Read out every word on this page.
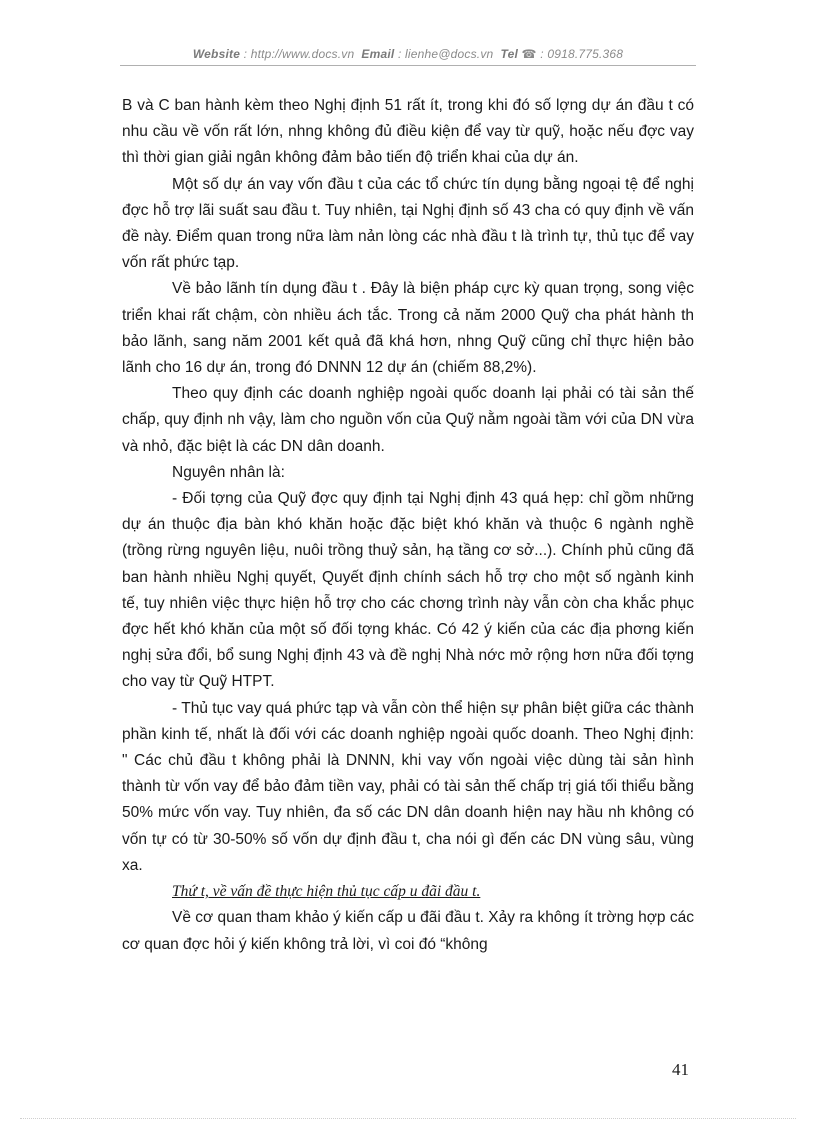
Website : http://www.docs.vn Email : lienhe@docs.vn Tel ☎ : 0918.775.368

B và C ban hành kèm theo Nghị định 51 rất ít, trong khi đó số lợng dự án đầu t có nhu cầu về vốn rất lớn, nhng không đủ điều kiện để vay từ quỹ, hoặc nếu đợc vay thì thời gian giải ngân không đảm bảo tiến độ triển khai của dự án.

Một số dự án vay vốn đầu t của các tổ chức tín dụng bằng ngoại tệ để nghị đợc hỗ trợ lãi suất sau đầu t. Tuy nhiên, tại Nghị định số 43 cha có quy định về vấn đề này. Điểm quan trong nữa làm nản lòng các nhà đầu t là trình tự, thủ tục để vay vốn rất phức tạp.

Về bảo lãnh tín dụng đầu t . Đây là biện pháp cực kỳ quan trọng, song việc triển khai rất chậm, còn nhiều ách tắc. Trong cả năm 2000 Quỹ cha phát hành th bảo lãnh, sang năm 2001 kết quả đã khá hơn, nhng Quỹ cũng chỉ thực hiện bảo lãnh cho 16 dự án, trong đó DNNN 12 dự án (chiếm 88,2%).

Theo quy định các doanh nghiệp ngoài quốc doanh lại phải có tài sản thế chấp, quy định nh vậy, làm cho nguồn vốn của Quỹ nằm ngoài tầm với của DN vừa và nhỏ, đặc biệt là các DN dân doanh.

Nguyên nhân là:

- Đối tợng của Quỹ đợc quy định tại Nghị định 43 quá hẹp: chỉ gồm những dự án thuộc địa bàn khó khăn hoặc đặc biệt khó khăn và thuộc 6 ngành nghề (trồng rừng nguyên liệu, nuôi trồng thuỷ sản, hạ tầng cơ sở...). Chính phủ cũng đã ban hành nhiều Nghị quyết, Quyết định chính sách hỗ trợ cho một số ngành kinh tế, tuy nhiên việc thực hiện hỗ trợ cho các chơng trình này vẫn còn cha khắc phục đợc hết khó khăn của một số đối tợng khác. Có 42 ý kiến của các địa phơng kiến nghị sửa đổi, bổ sung Nghị định 43 và đề nghị Nhà nớc mở rộng hơn nữa đối tợng cho vay từ Quỹ HTPT.

- Thủ tục vay quá phức tạp và vẫn còn thể hiện sự phân biệt giữa các thành phần kinh tế, nhất là đối với các doanh nghiệp ngoài quốc doanh. Theo Nghị định: " Các chủ đầu t không phải là DNNN, khi vay vốn ngoài việc dùng tài sản hình thành từ vốn vay để bảo đảm tiền vay, phải có tài sản thế chấp trị giá tối thiểu bằng 50% mức vốn vay. Tuy nhiên, đa số các DN dân doanh hiện nay hầu nh không có vốn tự có từ 30-50% số vốn dự định đầu t, cha nói gì đến các DN vùng sâu, vùng xa.

Thứ t, về vấn đề thực hiện thủ tục cấp u đãi đầu t.

Về cơ quan tham khảo ý kiến cấp u đãi đầu t. Xảy ra không ít trờng hợp các cơ quan đợc hỏi ý kiến không trả lời, vì coi đó “không

41
